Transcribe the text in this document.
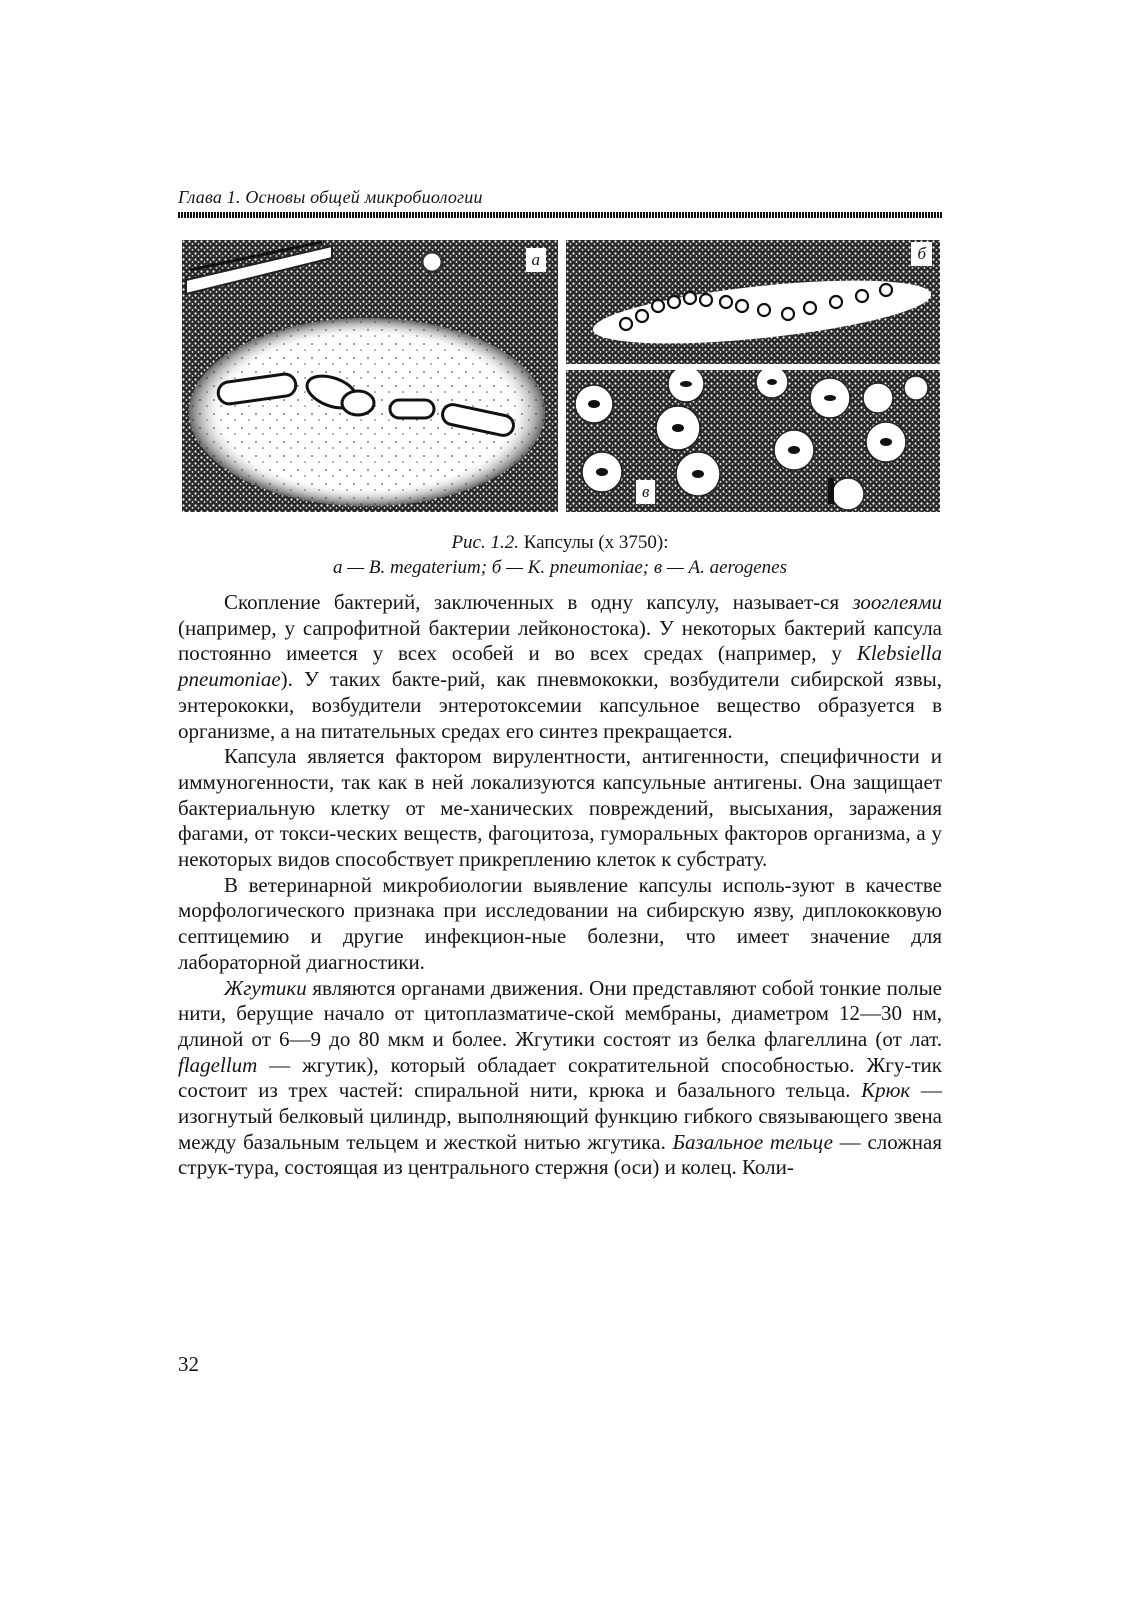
Глава 1. Основы общей микробиологии
а	б
в
Рис. 1.2. Капсулы (х 3750):
а — B. megaterium; б — K. pneumoniae; в — A. aerogenes

Скопление бактерий, заключенных в одну капсулу, называет-ся зооглеями (например, у сапрофитной бактерии лейконостока). У некоторых бактерий капсула постоянно имеется у всех особей и во всех средах (например, у Klebsiella pneumoniae). У таких бакте-рий, как пневмококки, возбудители сибирской язвы, энтерококки, возбудители энтеротоксемии капсульное вещество образуется в организме, а на питательных средах его синтез прекращается.

Капсула является фактором вирулентности, антигенности, специфичности и иммуногенности, так как в ней локализуются капсульные антигены. Она защищает бактериальную клетку от ме-ханических повреждений, высыхания, заражения фагами, от токси-ческих веществ, фагоцитоза, гуморальных факторов организма, а у некоторых видов способствует прикреплению клеток к субстрату.

В ветеринарной микробиологии выявление капсулы исполь-зуют в качестве морфологического признака при исследовании на сибирскую язву, диплококковую септицемию и другие инфекцион-ные болезни, что имеет значение для лабораторной диагностики.

Жгутики являются органами движения. Они представляют собой тонкие полые нити, берущие начало от цитоплазматиче-ской мембраны, диаметром 12—30 нм, длиной от 6—9 до 80 мкм и более. Жгутики состоят из белка флагеллина (от лат. flagellum — жгутик), который обладает сократительной способностью. Жгу-тик состоит из трех частей: спиральной нити, крюка и базального тельца. Крюк — изогнутый белковый цилиндр, выполняющий функцию гибкого связывающего звена между базальным тельцем и жесткой нитью жгутика. Базальное тельце — сложная струк-тура, состоящая из центрального стержня (оси) и колец. Коли-

32
